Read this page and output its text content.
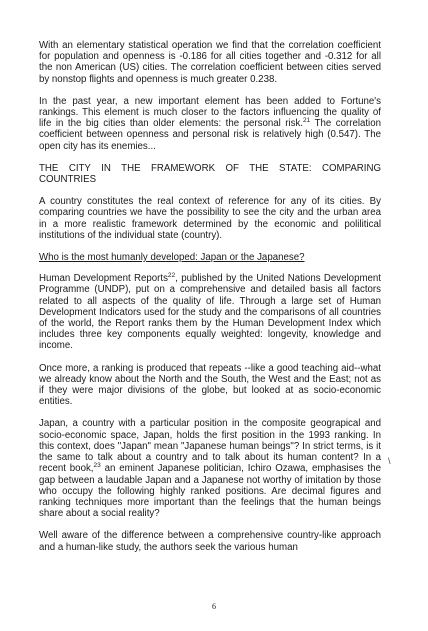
With an elementary statistical operation we find that the correlation coefficient for population and openness is -0.186 for all cities together and -0.312 for all the non American (US) cities. The correlation coefficient between cities served by nonstop flights and openness is much greater 0.238.

In the past year, a new important element has been added to Fortune's rankings. This element is much closer to the factors influencing the quality of life in the big cities than older elements: the personal risk.$^{21}$ The correlation coefficient between openness and personal risk is relatively high (0.547). The open city has its enemies...

THE CITY IN THE FRAMEWORK OF THE STATE: COMPARING
COUNTRIES

A country constitutes the real context of reference for any of its cities. By comparing countries we have the possibility to see the city and the urban area in a more realistic framework determined by the economic and polilitical institutions of the individual state (country).

Who is the most humanly developed: Japan or the Japanese?

Human Development Reports$^{22}$, published by the United Nations Development Programme (UNDP), put on a comprehensive and detailed basis all factors related to all aspects of the quality of life. Through a large set of Human Development Indicators used for the study and the comparisons of all countries of the world, the Report ranks them by the Human Development Index which includes three key components equally weighted: longevity, knowledge and income.

Once more, a ranking is produced that repeats --like a good teaching aid--what we already know about the North and the South, the West and the East; not as if they were major divisions of the globe, but looked at as socio-economic entities.

Japan, a country with a particular position in the composite geograpical and socio-economic space, Japan, holds the first position in the 1993 ranking. In this context, does "Japan" mean "Japanese human beings"? In strict terms, is it the same to talk about a country and to talk about its human content? In a recent book,$^{23}$ an eminent Japanese politician, Ichiro Ozawa, emphasises the gap between a laudable Japan and a Japanese not worthy of imitation by those who occupy the following highly ranked positions. Are decimal figures and ranking techniques more important than the feelings that the human beings share about a social reality?

Well aware of the difference between a comprehensive country-like approach and a human-like study, the authors seek the various human

\
6
